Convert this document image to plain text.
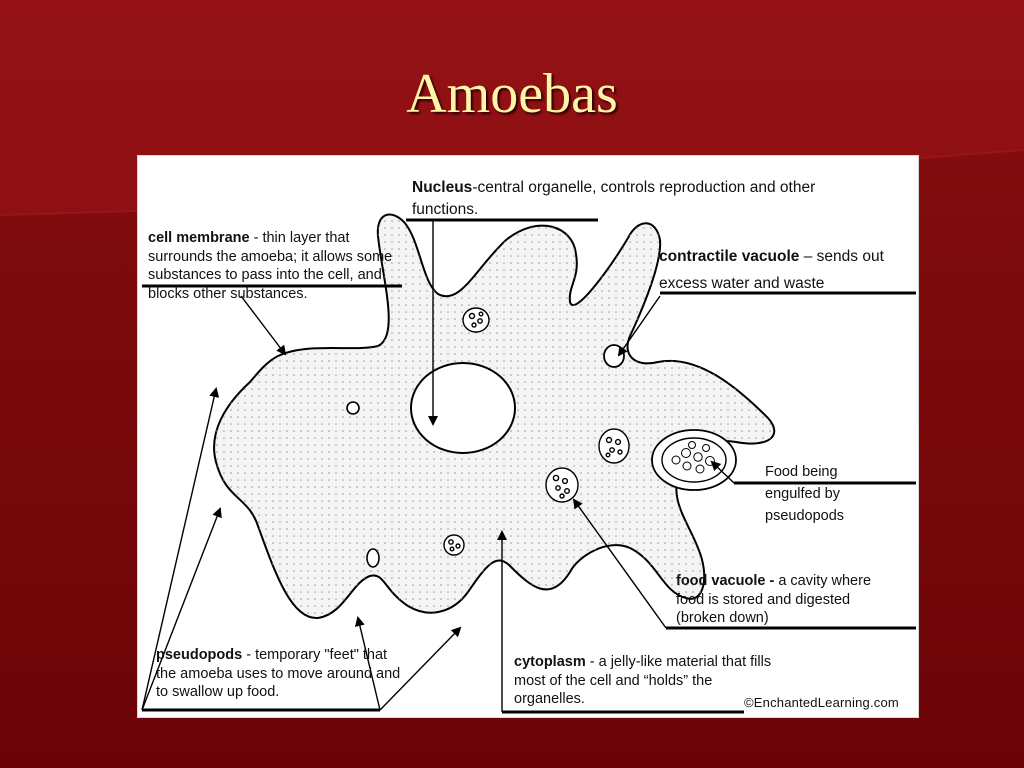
Amoebas
Nucleus-central organelle, controls reproduction and other functions.
cell membrane - thin layer that surrounds the amoeba; it allows some substances to pass into the cell, and blocks other substances.
contractile vacuole – sends out excess water and waste
Food being engulfed by pseudopods
food vacuole - a cavity where food is stored and digested (broken down)
cytoplasm - a jelly-like material that fills most of the cell and “holds” the organelles.
pseudopods - temporary "feet" that the amoeba uses to move around and to swallow up food.
©EnchantedLearning.com
